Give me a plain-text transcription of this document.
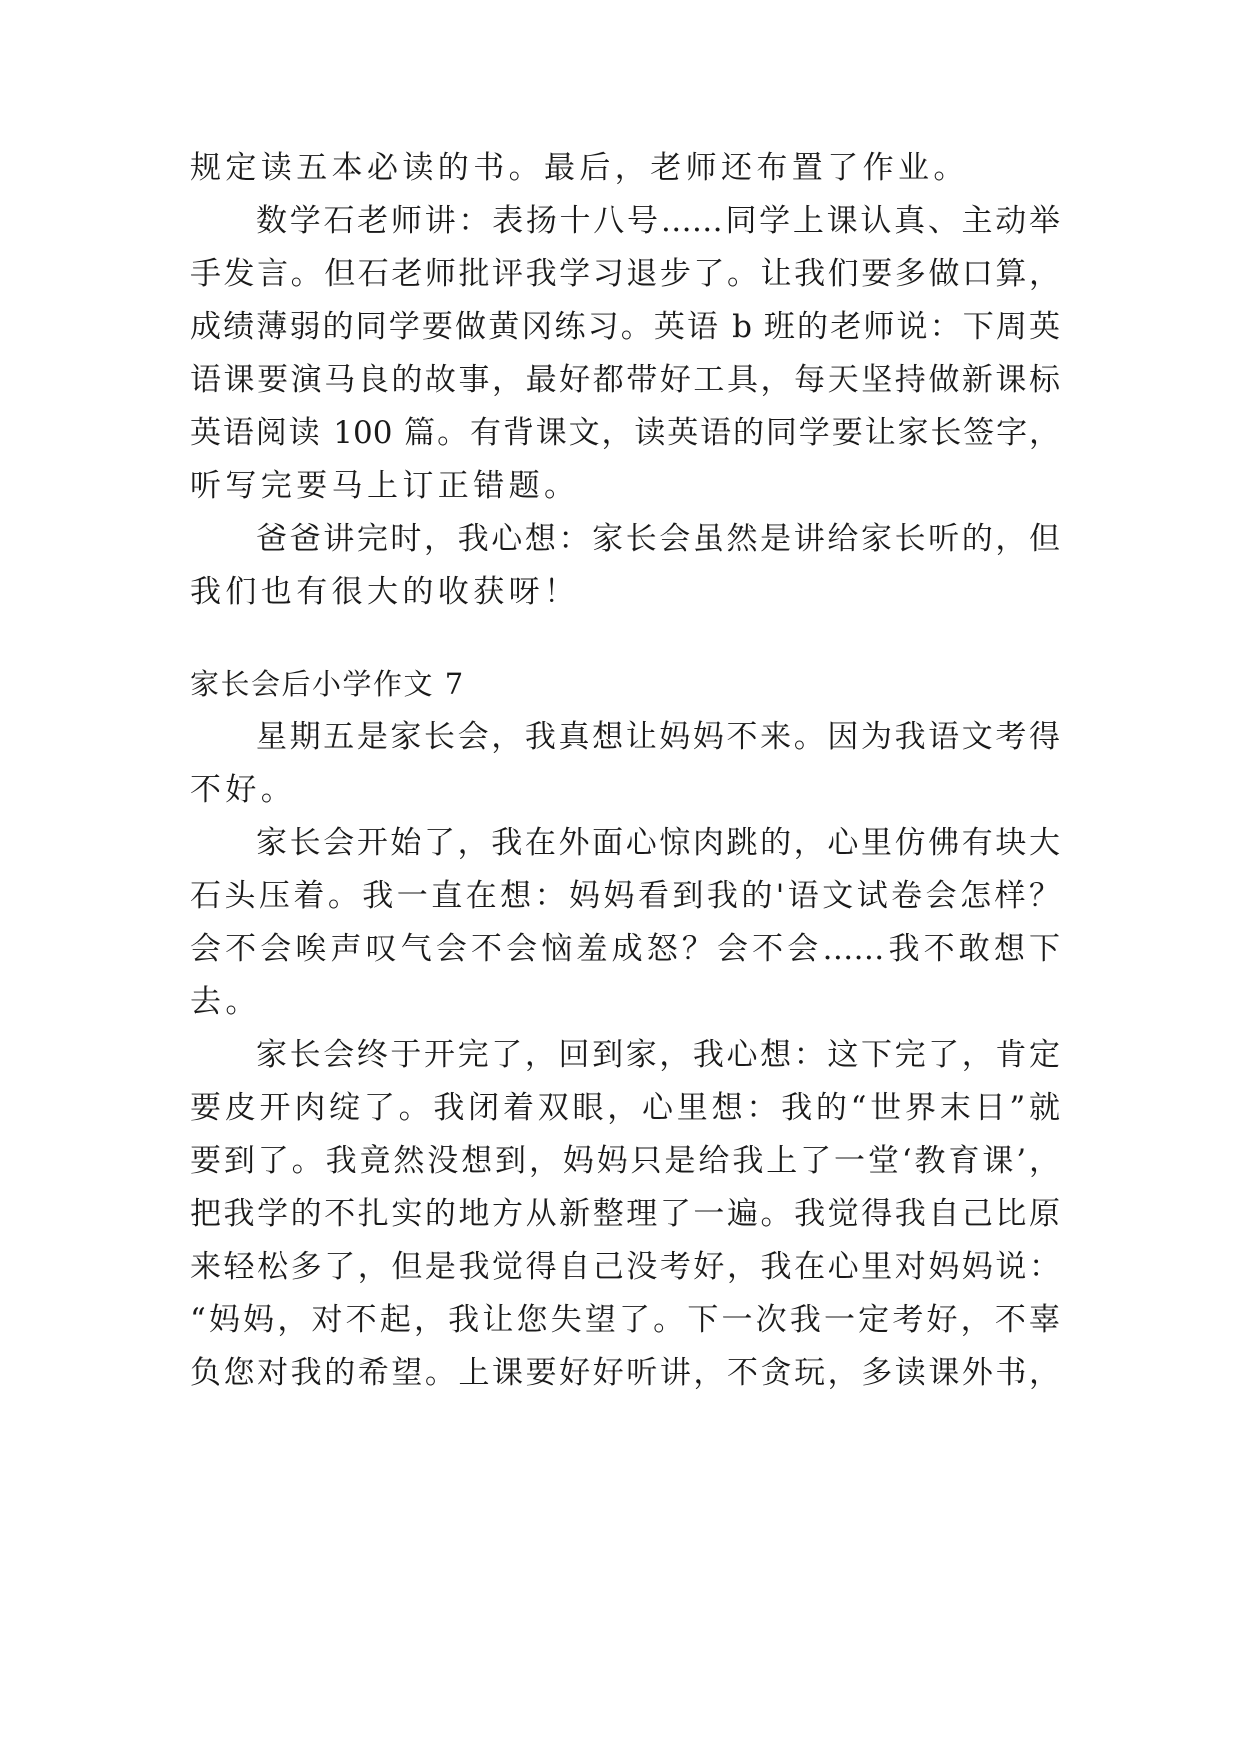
规定读五本必读的书。最后，老师还布置了作业。
数学石老师讲：表扬十八号……同学上课认真、主动举
手发言。但石老师批评我学习退步了。让我们要多做口算，
成绩薄弱的同学要做黄冈练习。英语 b 班的老师说：下周英
语课要演马良的故事，最好都带好工具，每天坚持做新课标
英语阅读 100 篇。有背课文，读英语的同学要让家长签字，
听写完要马上订正错题。
爸爸讲完时，我心想：家长会虽然是讲给家长听的，但
我们也有很大的收获呀！
家长会后小学作文 7
星期五是家长会，我真想让妈妈不来。因为我语文考得
不好。
家长会开始了，我在外面心惊肉跳的，心里仿佛有块大
石头压着。我一直在想：妈妈看到我的'语文试卷会怎样？
会不会唉声叹气会不会恼羞成怒？会不会……我不敢想下
去。
家长会终于开完了，回到家，我心想：这下完了，肯定
要皮开肉绽了。我闭着双眼，心里想：我的“世界末日”就
要到了。我竟然没想到，妈妈只是给我上了一堂‘教育课’，
把我学的不扎实的地方从新整理了一遍。我觉得我自己比原
来轻松多了，但是我觉得自己没考好，我在心里对妈妈说：
“妈妈，对不起，我让您失望了。下一次我一定考好，不辜
负您对我的希望。上课要好好听讲，不贪玩，多读课外书，
